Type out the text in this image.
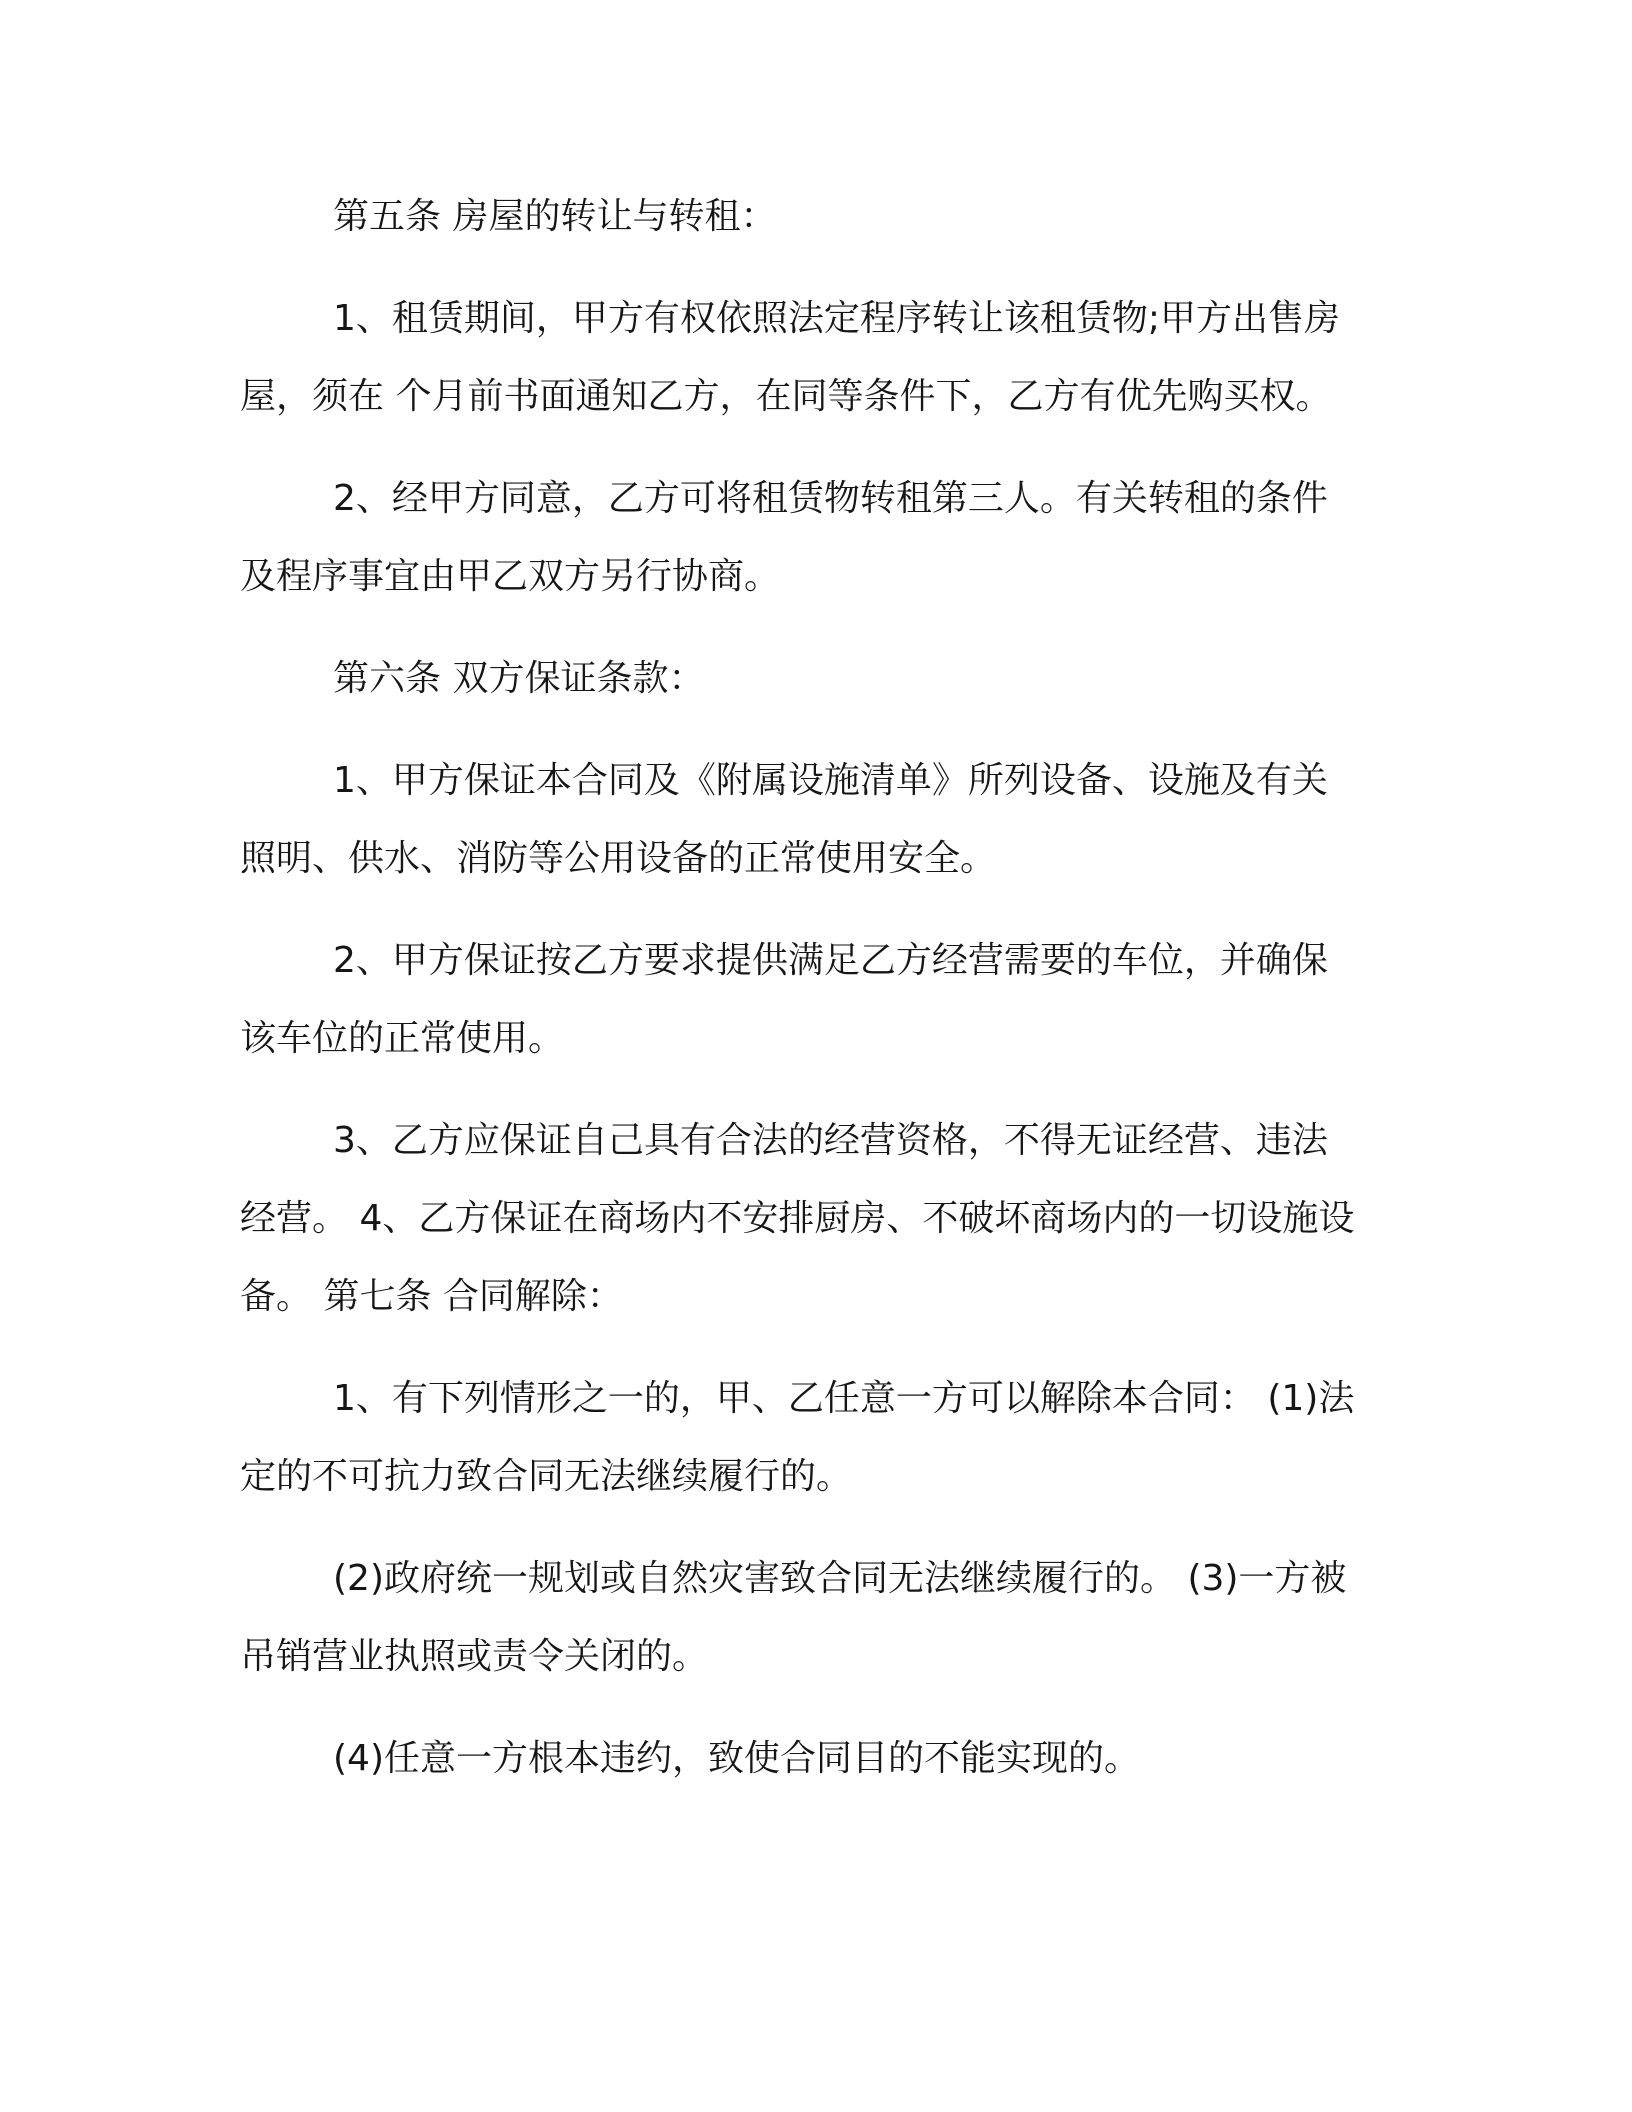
第五条 房屋的转让与转租：
1、租赁期间，甲方有权依照法定程序转让该租赁物;甲方出售房
屋，须在 个月前书面通知乙方，在同等条件下，乙方有优先购买权。
2、经甲方同意，乙方可将租赁物转租第三人。有关转租的条件
及程序事宜由甲乙双方另行协商。
第六条 双方保证条款：
1、甲方保证本合同及《附属设施清单》所列设备、设施及有关
照明、供水、消防等公用设备的正常使用安全。
2、甲方保证按乙方要求提供满足乙方经营需要的车位，并确保
该车位的正常使用。
3、乙方应保证自己具有合法的经营资格，不得无证经营、违法
经营。 4、乙方保证在商场内不安排厨房、不破坏商场内的一切设施设
备。 第七条 合同解除：
1、有下列情形之一的，甲、乙任意一方可以解除本合同： (1)法
定的不可抗力致合同无法继续履行的。
(2)政府统一规划或自然灾害致合同无法继续履行的。 (3)一方被
吊销营业执照或责令关闭的。
(4)任意一方根本违约，致使合同目的不能实现的。
